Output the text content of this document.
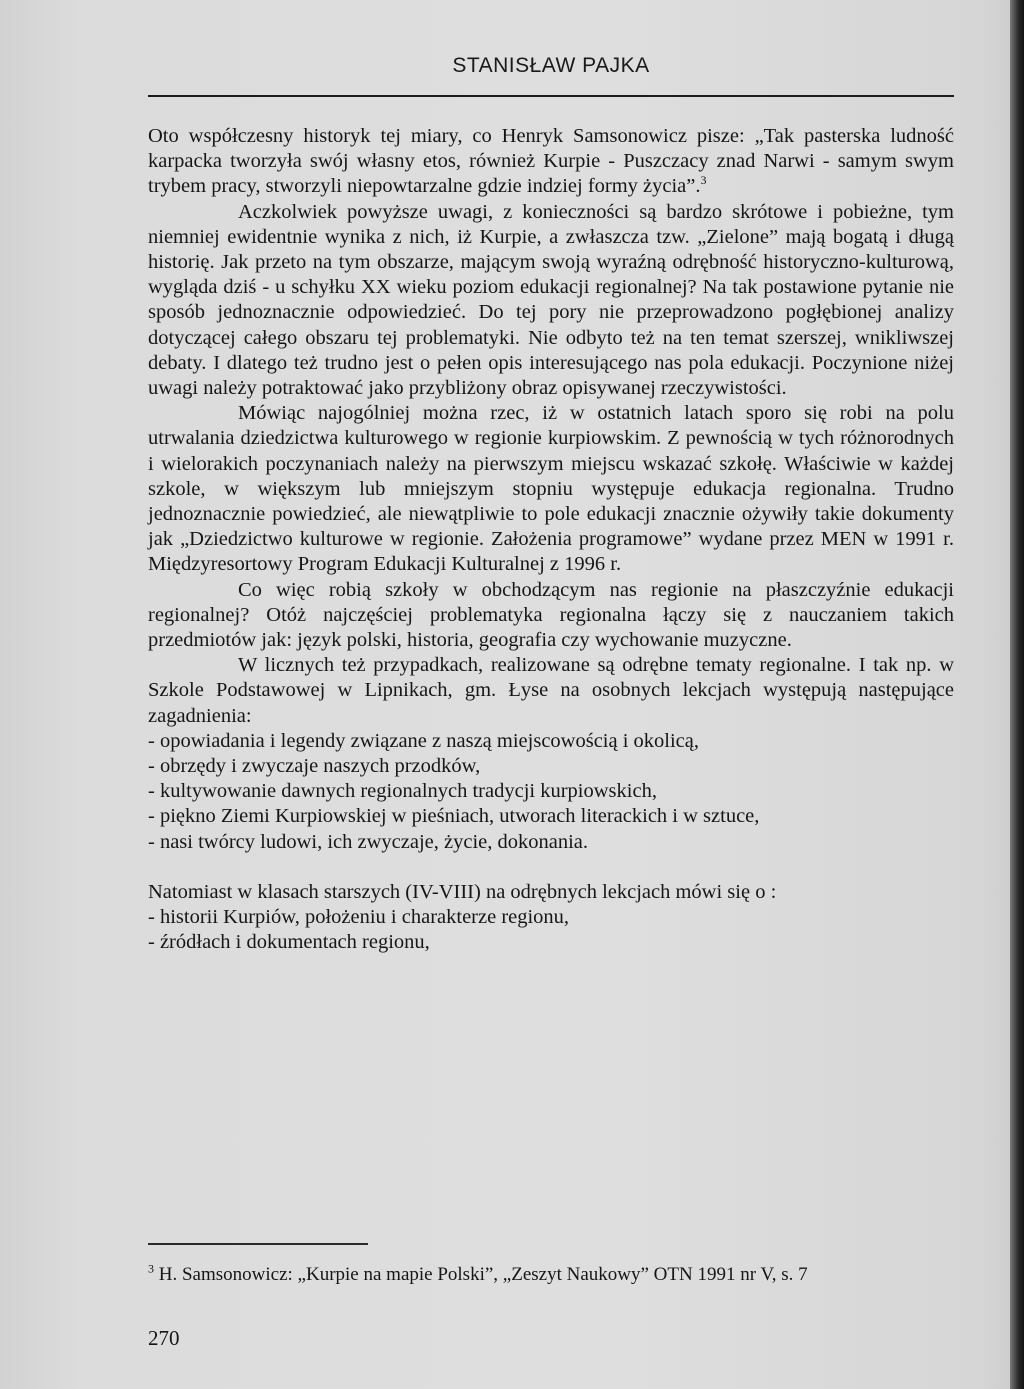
STANISŁAW PAJKA

Oto współczesny historyk tej miary, co Henryk Samsonowicz pisze: „Tak pasterska ludność karpacka tworzyła swój własny etos, również Kurpie - Puszczacy znad Narwi - samym swym trybem pracy, stworzyli niepowtarzalne gdzie indziej formy życia”.$^3$

Aczkolwiek powyższe uwagi, z konieczności są bardzo skrótowe i pobieżne, tym niemniej ewidentnie wynika z nich, iż Kurpie, a zwłaszcza tzw. „Zielone” mają bogatą i długą historię. Jak przeto na tym obszarze, mającym swoją wyraźną odrębność historyczno-kulturową, wygląda dziś - u schyłku XX wieku poziom edukacji regionalnej? Na tak postawione pytanie nie sposób jednoznacznie odpowiedzieć. Do tej pory nie przeprowadzono pogłębionej analizy dotyczącej całego obszaru tej problematyki. Nie odbyto też na ten temat szerszej, wnikliwszej debaty. I dlatego też trudno jest o pełen opis interesującego nas pola edukacji. Poczynione niżej uwagi należy potraktować jako przybliżony obraz opisywanej rzeczywistości.

Mówiąc najogólniej można rzec, iż w ostatnich latach sporo się robi na polu utrwalania dziedzictwa kulturowego w regionie kurpiowskim. Z pewnością w tych różnorodnych i wielorakich poczynaniach należy na pierwszym miejscu wskazać szkołę. Właściwie w każdej szkole, w większym lub mniejszym stopniu występuje edukacja regionalna. Trudno jednoznacznie powiedzieć, ale niewątpliwie to pole edukacji znacznie ożywiły takie dokumenty jak „Dziedzictwo kulturowe w regionie. Założenia programowe” wydane przez MEN w 1991 r. Międzyresortowy Program Edukacji Kulturalnej z 1996 r.

Co więc robią szkoły w obchodzącym nas regionie na płaszczyźnie edukacji regionalnej? Otóż najczęściej problematyka regionalna łączy się z nauczaniem takich przedmiotów jak: język polski, historia, geografia czy wychowanie muzyczne.

W licznych też przypadkach, realizowane są odrębne tematy regionalne. I tak np. w Szkole Podstawowej w Lipnikach, gm. Łyse na osobnych lekcjach występują następujące zagadnienia:

- opowiadania i legendy związane z naszą miejscowością i okolicą,
- obrzędy i zwyczaje naszych przodków,
- kultywowanie dawnych regionalnych tradycji kurpiowskich,
- piękno Ziemi Kurpiowskiej w pieśniach, utworach literackich i w sztuce,
- nasi twórcy ludowi, ich zwyczaje, życie, dokonania.

Natomiast w klasach starszych (IV-VIII) na odrębnych lekcjach mówi się o :

- historii Kurpiów, położeniu i charakterze regionu,
- źródłach i dokumentach regionu,
$^3$ H. Samsonowicz: „Kurpie na mapie Polski”, „Zeszyt Naukowy” OTN 1991 nr V, s. 7
270
